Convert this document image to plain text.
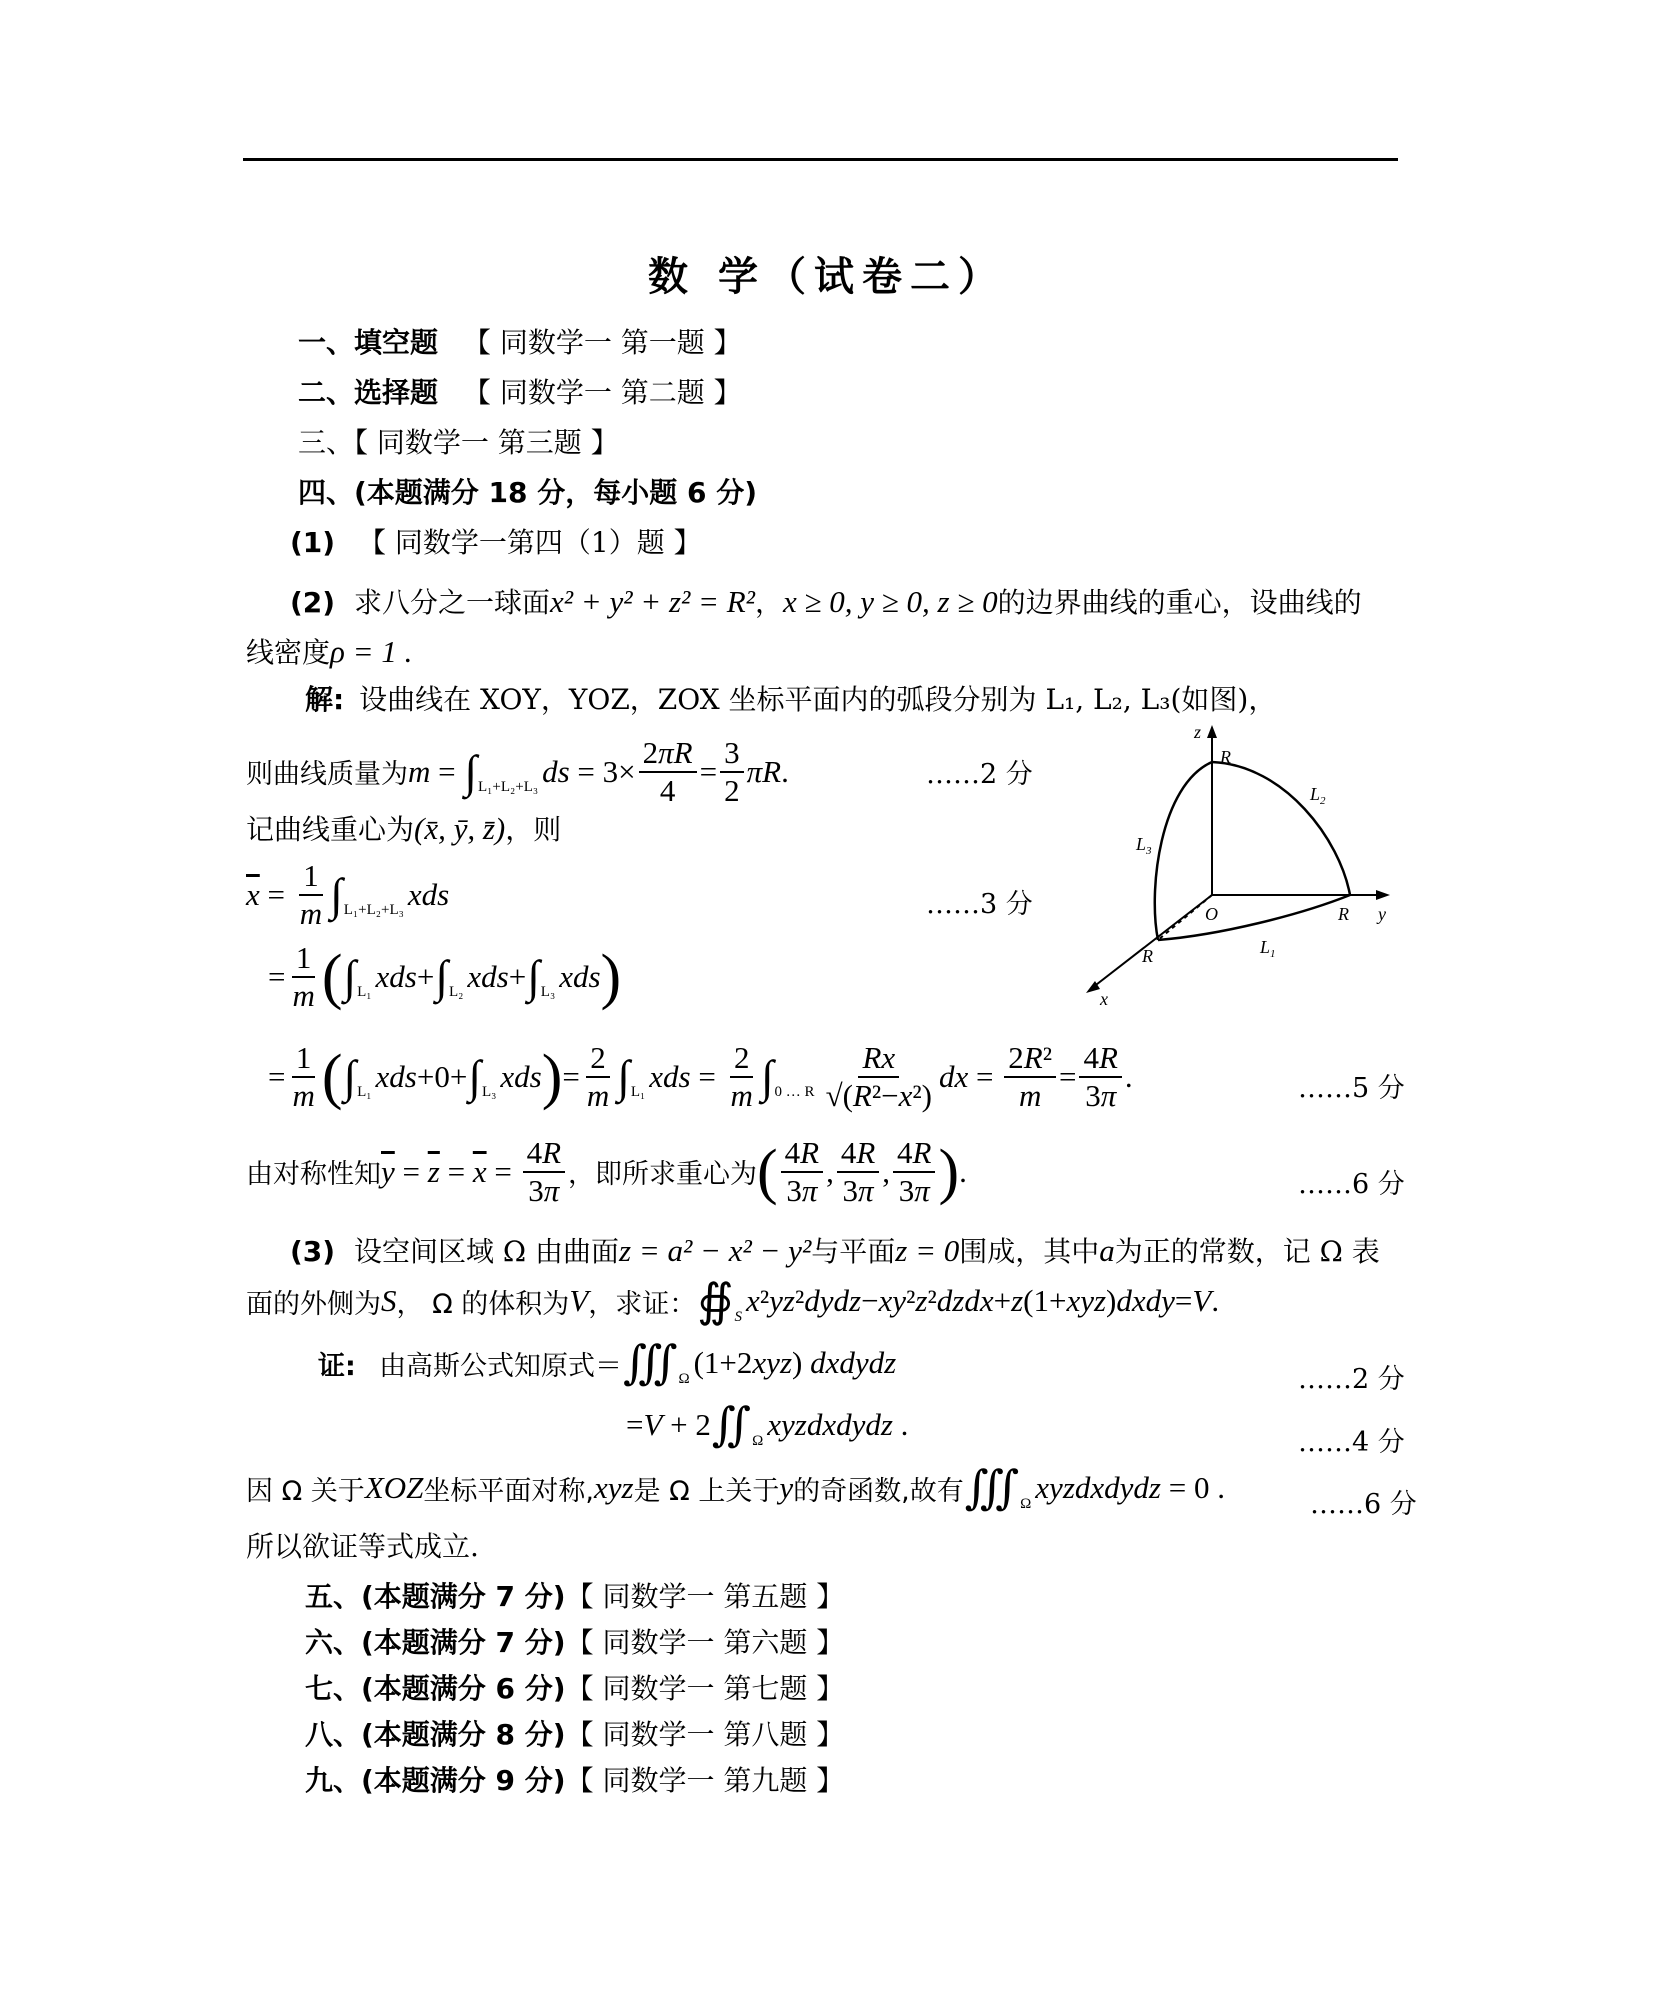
数 学（试卷二）
一、填空题 【 同数学一 第一题 】
二、选择题 【 同数学一 第二题 】
三、【 同数学一 第三题 】
四、(本题满分 18 分，每小题 6 分)
(1) 【 同数学一第四（1）题 】
(2) 求八分之一球面x² + y² + z² = R²，x ≥ 0, y ≥ 0, z ≥ 0的边界曲线的重心，设曲线的
线密度ρ = 1 .
解: 设曲线在 XOY，YOZ，ZOX 坐标平面内的弧段分别为 L₁, L₂, L₃(如图)，
则曲线质量为 m = ∫ L₁+L₂+L₃ ds = $3\times \frac{2\pi R}{4} = \frac{3}{2}$ πR .	……2 分
记曲线重心为(x̄, ȳ, z̄)，则
$\overline{x} = \frac{1}{m}$ ∫ L₁+L₂+L₃ xds	……3 分
= $\frac{1}{m}$ ( ∫ L₁ xds + ∫ L₂ xds + ∫ L₃ xds )
= $\frac{1}{m}$ ( ∫ L₁ xds +0+ ∫ L₃ xds ) = $\frac{2}{m}$ ∫ L₁ xds = $\frac{2}{m}$ ∫ 0 … R $\frac{Rx}{\text{√(R²−x²)}}$ dx = $\frac{\text{2R²}}{m} = \frac{4R}{3\pi}$ .	……5 分
由对称性知 $\overline{y} = \overline{z} = \overline{x} = \frac{4R}{3\pi}$ ，即所求重心为 ( $\frac{4R}{3\pi}$ , $\frac{4R}{3\pi}$ , $\frac{4R}{3\pi}$ ) .	……6 分
z
y
x
O
R
R
R
$L_2$
$L_3$
$L_1$
(3) 设空间区域 Ω 由曲面z = a² − x² − y²与平面z = 0围成，其中a为正的常数，记 Ω 表
面的外侧为 S ， Ω 的体积为 V ，求证： ∯ S x ² yz ² dydz − xy ² z ² dzdx + z (1+ xyz ) dxdy = V .
证:
由高斯公式知原式＝ ∭ Ω (1+2 xyz ) dxdydz	……2 分
= V + 2 ∬ Ω xyzdxdydz .
……4 分
因 Ω 关于 XOZ 坐标平面对称, xyz 是 Ω 上关于 y 的奇函数,故有 ∭ Ω xyzdxdydz = 0 .	……6 分
所以欲证等式成立.
五、(本题满分 7 分)【 同数学一 第五题 】
六、(本题满分 7 分)【 同数学一 第六题 】
七、(本题满分 6 分)【 同数学一 第七题 】
八、(本题满分 8 分)【 同数学一 第八题 】
九、(本题满分 9 分)【 同数学一 第九题 】
